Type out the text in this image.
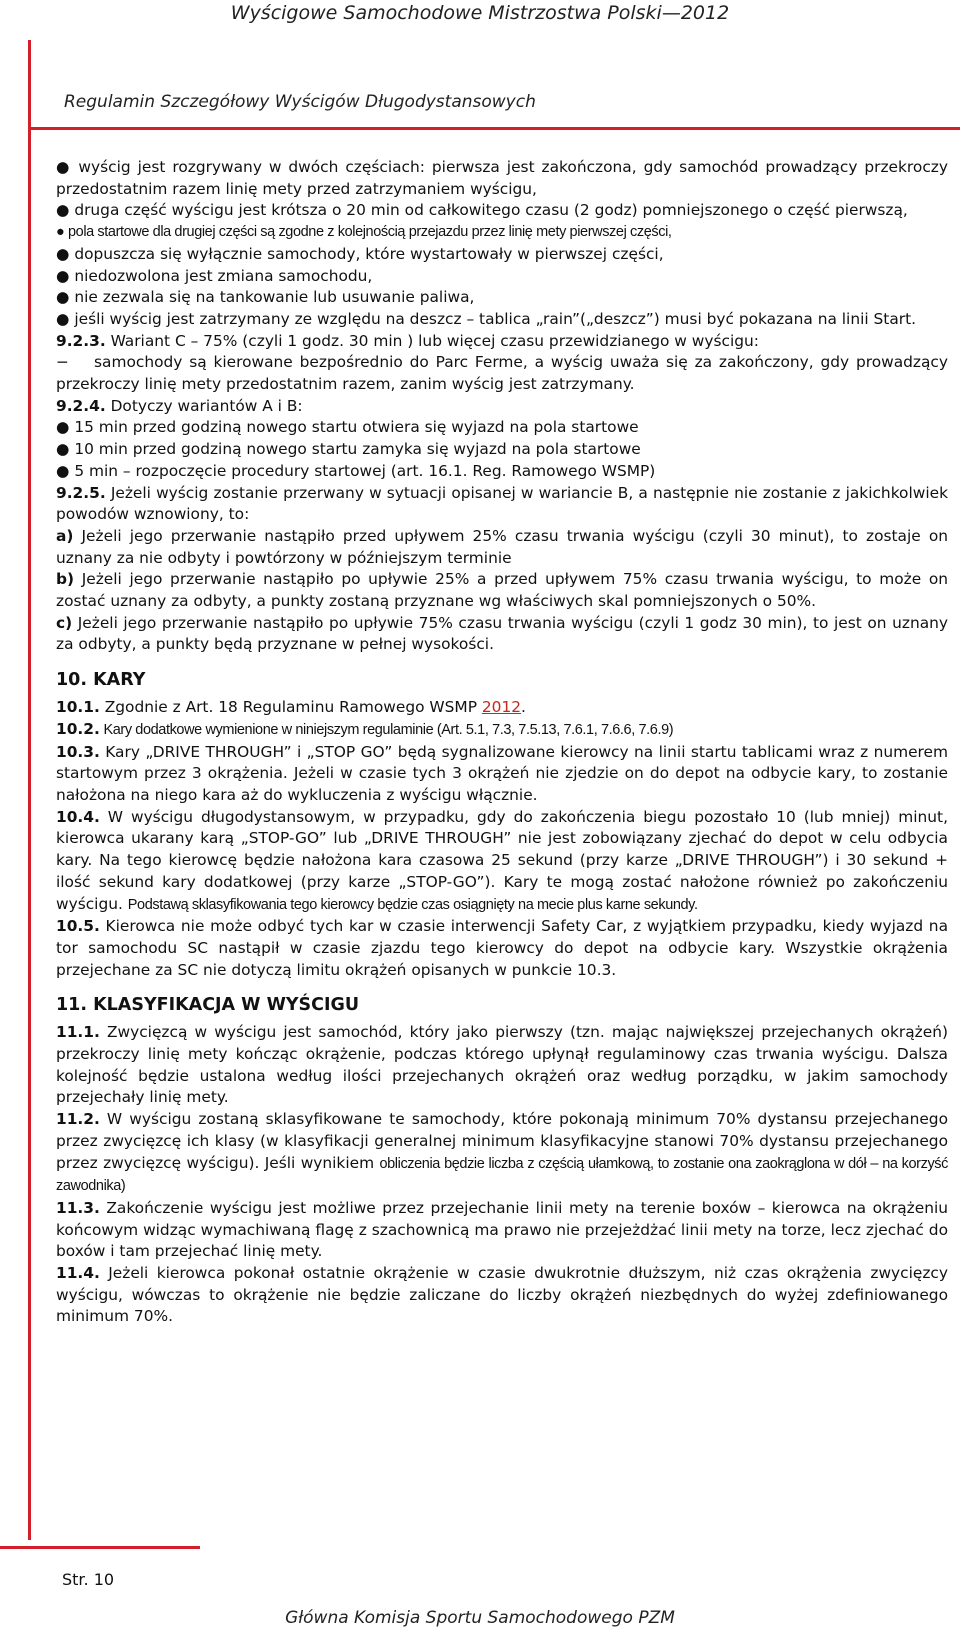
Wyścigowe Samochodowe Mistrzostwa Polski—2012
Regulamin Szczegółowy Wyścigów Długodystansowych

● wyścig jest rozgrywany w dwóch częściach: pierwsza jest zakończona, gdy samochód prowadzący przekroczy przedostatnim razem linię mety przed zatrzymaniem wyścigu,

● druga część wyścigu jest krótsza o 20 min od całkowitego czasu (2 godz) pomniejszonego o część pierwszą,

● pola startowe dla drugiej części są zgodne z kolejnością przejazdu przez linię mety pierwszej części,

● dopuszcza się wyłącznie samochody, które wystartowały w pierwszej części,

● niedozwolona jest zmiana samochodu,

● nie zezwala się na tankowanie lub usuwanie paliwa,

● jeśli wyścig jest zatrzymany ze względu na deszcz – tablica „rain”(„deszcz”) musi być pokazana na linii Start.

9.2.3. Wariant C – 75% (czyli 1 godz. 30 min ) lub więcej czasu przewidzianego w wyścigu:

− samochody są kierowane bezpośrednio do Parc Ferme, a wyścig uważa się za zakończony, gdy prowadzący przekroczy linię mety przedostatnim razem, zanim wyścig jest zatrzymany.

9.2.4. Dotyczy wariantów A i B:

● 15 min przed godziną nowego startu otwiera się wyjazd na pola startowe

● 10 min przed godziną nowego startu zamyka się wyjazd na pola startowe

● 5 min – rozpoczęcie procedury startowej (art. 16.1. Reg. Ramowego WSMP)

9.2.5. Jeżeli wyścig zostanie przerwany w sytuacji opisanej w wariancie B, a następnie nie zostanie z jakichkolwiek powodów wznowiony, to:

a) Jeżeli jego przerwanie nastąpiło przed upływem 25% czasu trwania wyścigu (czyli 30 minut), to zostaje on uznany za nie odbyty i powtórzony w późniejszym terminie

b) Jeżeli jego przerwanie nastąpiło po upływie 25% a przed upływem 75% czasu trwania wyścigu, to może on zostać uznany za odbyty, a punkty zostaną przyznane wg właściwych skal pomniejszonych o 50%.

c) Jeżeli jego przerwanie nastąpiło po upływie 75% czasu trwania wyścigu (czyli 1 godz 30 min), to jest on uznany za odbyty, a punkty będą przyznane w pełnej wysokości.

10. KARY

10.1. Zgodnie z Art. 18 Regulaminu Ramowego WSMP 2012.

10.2. Kary dodatkowe wymienione w niniejszym regulaminie (Art. 5.1, 7.3, 7.5.13, 7.6.1, 7.6.6, 7.6.9)

10.3. Kary „DRIVE THROUGH” i „STOP GO” będą sygnalizowane kierowcy na linii startu tablicami wraz z numerem startowym przez 3 okrążenia. Jeżeli w czasie tych 3 okrążeń nie zjedzie on do depot na odbycie kary, to zostanie nałożona na niego kara aż do wykluczenia z wyścigu włącznie.

10.4. W wyścigu długodystansowym, w przypadku, gdy do zakończenia biegu pozostało 10 (lub mniej) minut, kierowca ukarany karą „STOP-GO” lub „DRIVE THROUGH” nie jest zobowiązany zjechać do depot w celu odbycia kary. Na tego kierowcę będzie nałożona kara czasowa 25 sekund (przy karze „DRIVE THROUGH”) i 30 sekund + ilość sekund kary dodatkowej (przy karze „STOP-GO”). Kary te mogą zostać nałożone również po zakończeniu wyścigu. Podstawą sklasyfikowania tego kierowcy będzie czas osiągnięty na mecie plus karne sekundy.

10.5. Kierowca nie może odbyć tych kar w czasie interwencji Safety Car, z wyjątkiem przypadku, kiedy wyjazd na tor samochodu SC nastąpił w czasie zjazdu tego kierowcy do depot na odbycie kary. Wszystkie okrążenia przejechane za SC nie dotyczą limitu okrążeń opisanych w punkcie 10.3.

11. KLASYFIKACJA W WYŚCIGU

11.1. Zwycięzcą w wyścigu jest samochód, który jako pierwszy (tzn. mając największej przejechanych okrążeń) przekroczy linię mety kończąc okrążenie, podczas którego upłynął regulaminowy czas trwania wyścigu. Dalsza kolejność będzie ustalona według ilości przejechanych okrążeń oraz według porządku, w jakim samochody przejechały linię mety.

11.2. W wyścigu zostaną sklasyfikowane te samochody, które pokonają minimum 70% dystansu przejechanego przez zwycięzcę ich klasy (w klasyfikacji generalnej minimum klasyfikacyjne stanowi 70% dystansu przejechanego przez zwycięzcę wyścigu). Jeśli wynikiem obliczenia będzie liczba z częścią ułamkową, to zostanie ona zaokrąglona w dół – na korzyść zawodnika)

11.3. Zakończenie wyścigu jest możliwe przez przejechanie linii mety na terenie boxów – kierowca na okrążeniu końcowym widząc wymachiwaną flagę z szachownicą ma prawo nie przejeżdżać linii mety na torze, lecz zjechać do boxów i tam przejechać linię mety.

11.4. Jeżeli kierowca pokonał ostatnie okrążenie w czasie dwukrotnie dłuższym, niż czas okrążenia zwycięzcy wyścigu, wówczas to okrążenie nie będzie zaliczane do liczby okrążeń niezbędnych do wyżej zdefiniowanego minimum 70%.

Str. 10
Główna Komisja Sportu Samochodowego PZM
